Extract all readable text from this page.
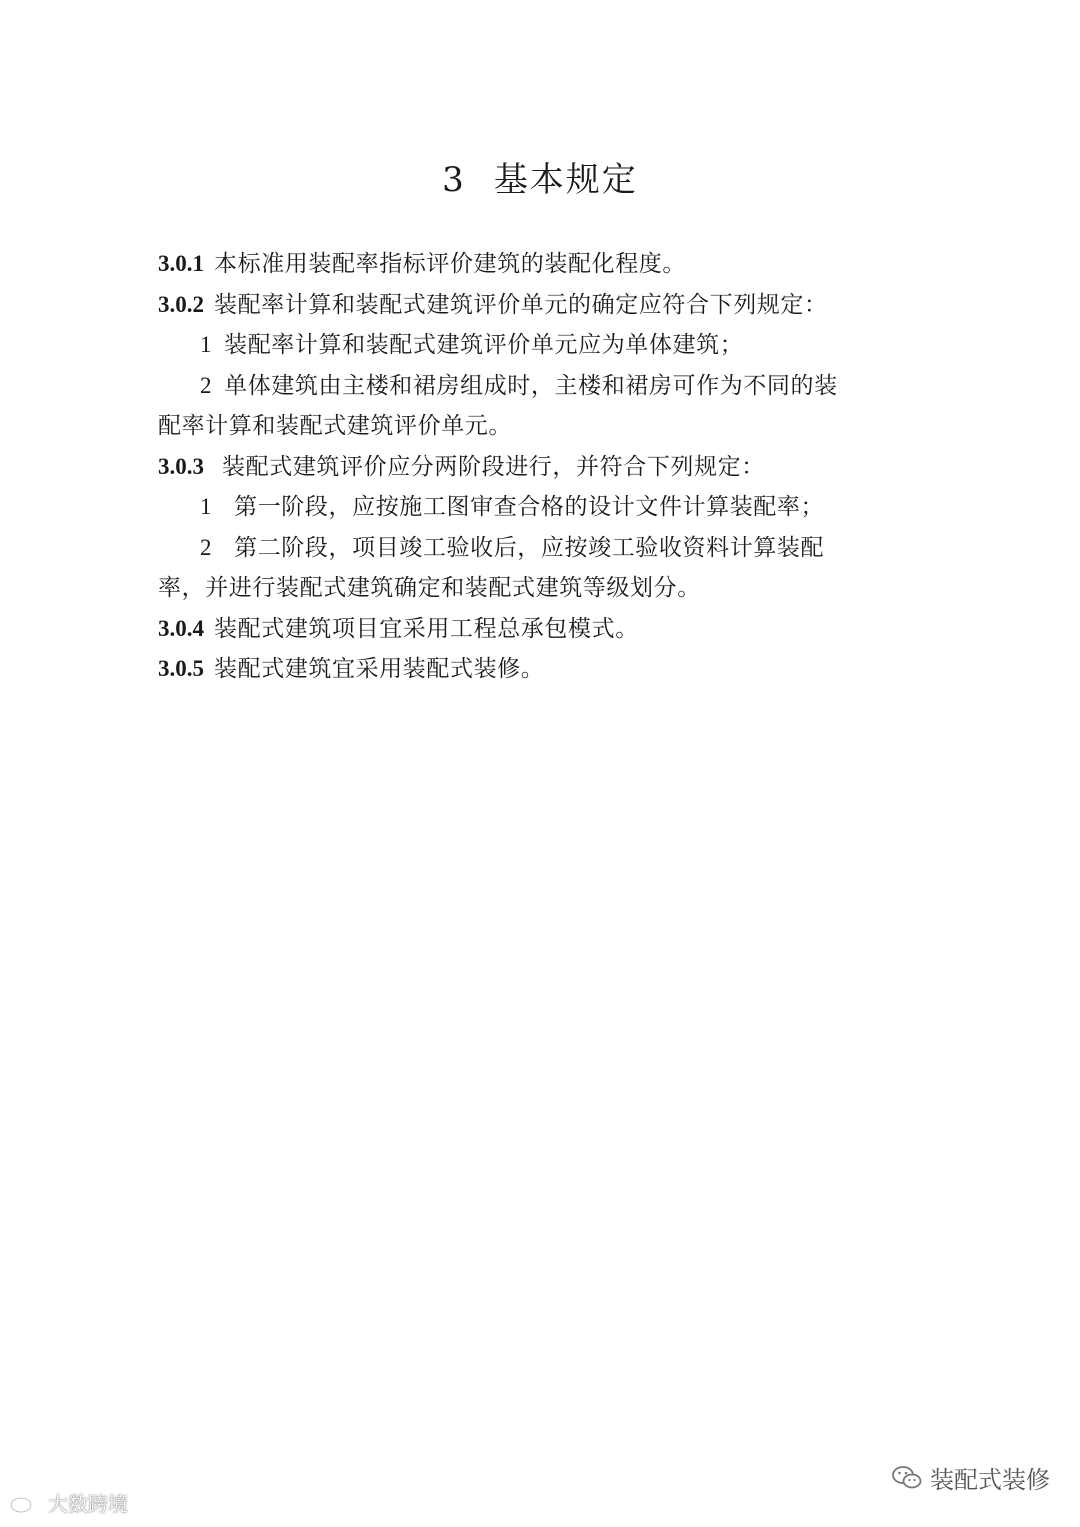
3 基本规定
3.0.1 本标准用装配率指标评价建筑的装配化程度。
3.0.2 装配率计算和装配式建筑评价单元的确定应符合下列规定：
1 装配率计算和装配式建筑评价单元应为单体建筑；
2 单体建筑由主楼和裙房组成时，主楼和裙房可作为不同的装
配率计算和装配式建筑评价单元。
3.0.3 装配式建筑评价应分两阶段进行，并符合下列规定：
1 第一阶段，应按施工图审查合格的设计文件计算装配率；
2 第二阶段，项目竣工验收后，应按竣工验收资料计算装配
率，并进行装配式建筑确定和装配式建筑等级划分。
3.0.4 装配式建筑项目宜采用工程总承包模式。
3.0.5 装配式建筑宜采用装配式装修。
装配式装修
大数跨境
